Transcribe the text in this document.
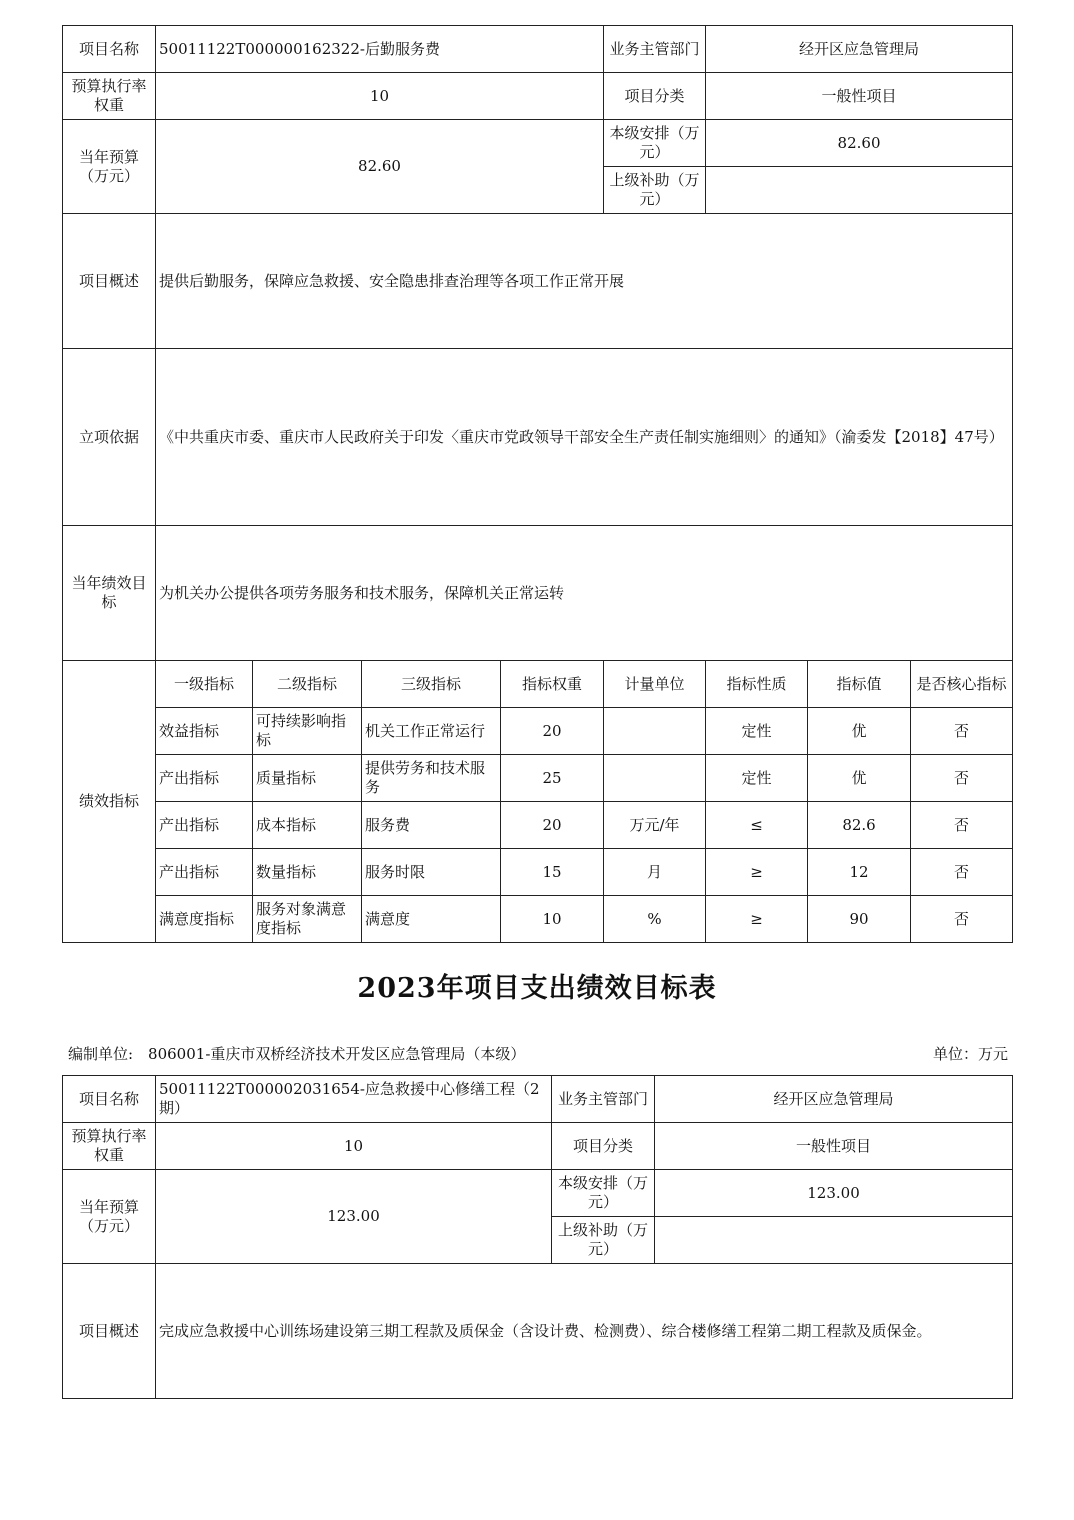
项目名称	50011122T000000162322-后勤服务费				业务主管部门	经开区应急管理局		
预算执行率权重	10				项目分类	一般性项目		
当年预算（万元）	82.60				本级安排（万元）	82.60		
					上级补助（万元）			
项目概述	提供后勤服务，保障应急救援、安全隐患排查治理等各项工作正常开展							
立项依据	《中共重庆市委、重庆市人民政府关于印发〈重庆市党政领导干部安全生产责任制实施细则〉的通知》（渝委发【2018】47号）							
当年绩效目标	为机关办公提供各项劳务服务和技术服务，保障机关正常运转							
绩效指标	一级指标	二级指标	三级指标	指标权重	计量单位	指标性质	指标值	是否核心指标
	效益指标	可持续影响指标	机关工作正常运行	20		定性	优	否
	产出指标	质量指标	提供劳务和技术服务	25		定性	优	否
	产出指标	成本指标	服务费	20	万元/年	≤	82.6	否
	产出指标	数量指标	服务时限	15	月	≥	12	否
	满意度指标	服务对象满意度指标	满意度	10	%	≥	90	否
2023年项目支出绩效目标表
编制单位:　806001-重庆市双桥经济技术开发区应急管理局（本级）	单位：万元
项目名称	50011122T000002031654-应急救援中心修缮工程（2期）	业务主管部门	经开区应急管理局
预算执行率权重	10	项目分类	一般性项目
当年预算（万元）	123.00	本级安排（万元）	123.00
		上级补助（万元）	
项目概述	完成应急救援中心训练场建设第三期工程款及质保金（含设计费、检测费）、综合楼修缮工程第二期工程款及质保金。		
